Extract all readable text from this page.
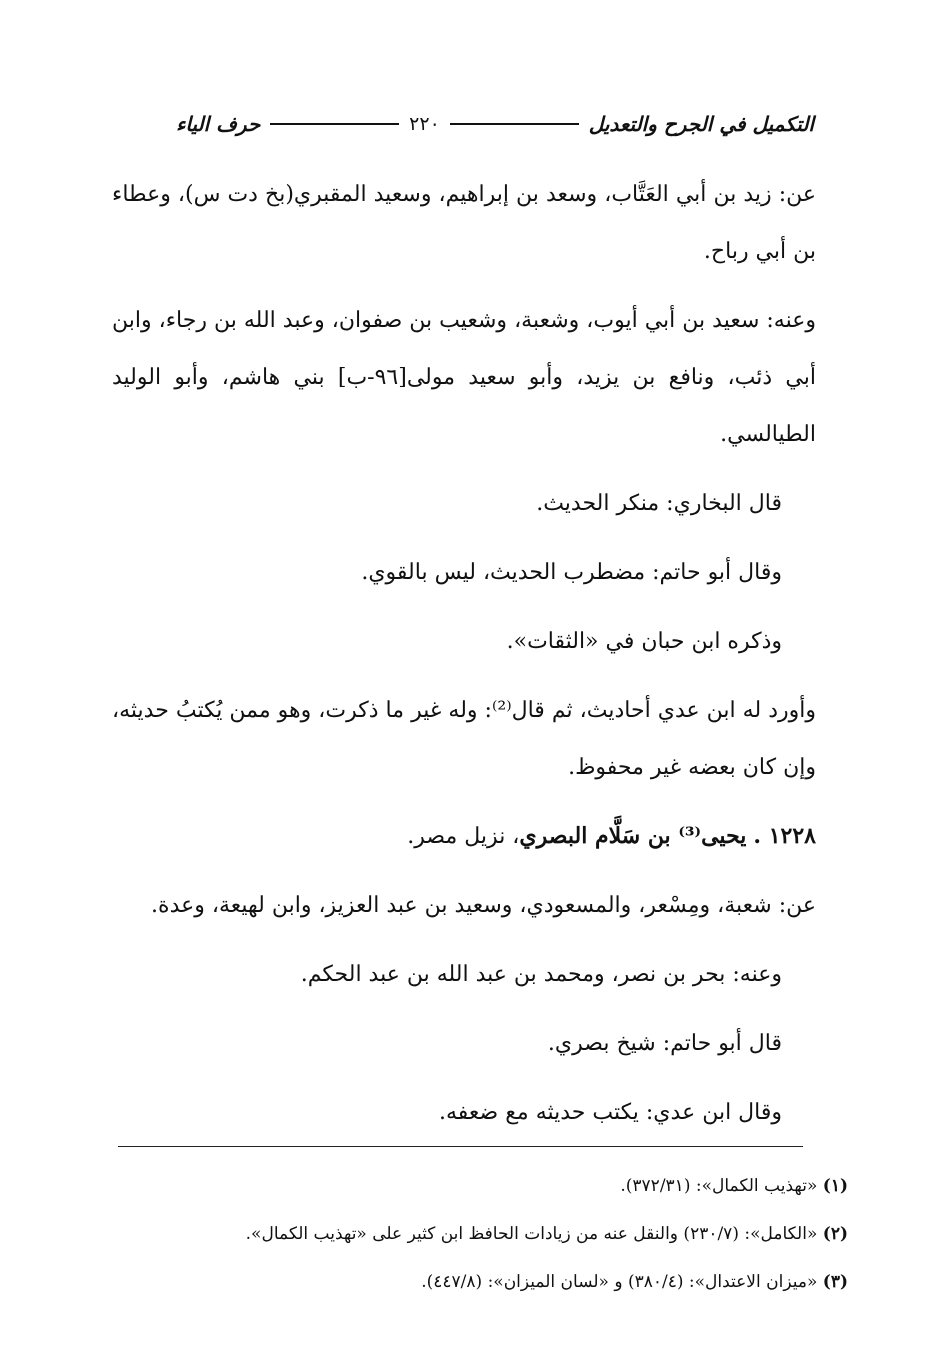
التكميل في الجرح والتعديل
٢٢٠
حرف الياء

عن: زيد بن أبي العَتَّاب، وسعد بن إبراهيم، وسعيد المقبري(بخ دت س)، وعطاء بن أبي رباح.

وعنه: سعيد بن أبي أيوب، وشعبة، وشعيب بن صفوان، وعبد الله بن رجاء، وابن أبي ذئب، ونافع بن يزيد، وأبو سعيد مولى[٩٦-ب] بني هاشم، وأبو الوليد الطيالسي.

قال البخاري: منكر الحديث.

وقال أبو حاتم: مضطرب الحديث، ليس بالقوي.

وذكره ابن حبان في «الثقات».

وأورد له ابن عدي أحاديث، ثم قال⁽²⁾: وله غير ما ذكرت، وهو ممن يُكتبُ حديثه، وإن كان بعضه غير محفوظ.

١٢٢٨ . يحيى⁽³⁾ بن سَلَّام البصري، نزيل مصر.

عن: شعبة، ومِسْعر، والمسعودي، وسعيد بن عبد العزيز، وابن لهيعة، وعدة.

وعنه: بحر بن نصر، ومحمد بن عبد الله بن عبد الحكم.

قال أبو حاتم: شيخ بصري.

وقال ابن عدي: يكتب حديثه مع ضعفه.

(١) «تهذيب الكمال»: (٣٧٢/٣١).

(٢) «الكامل»: (٢٣٠/٧) والنقل عنه من زيادات الحافظ ابن كثير على «تهذيب الكمال».

(٣) «ميزان الاعتدال»: (٣٨٠/٤) و «لسان الميزان»: (٤٤٧/٨).
